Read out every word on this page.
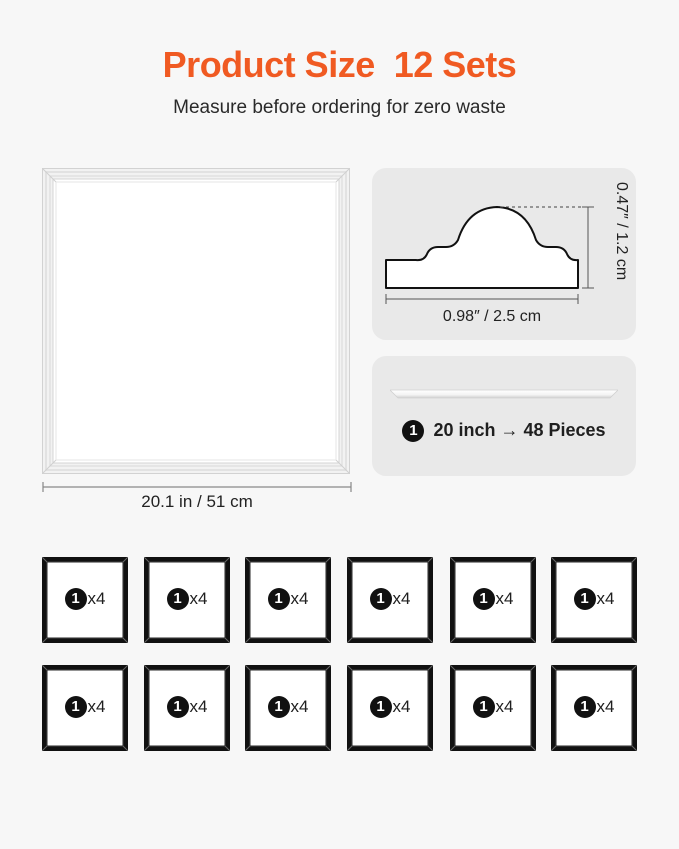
Product Size  12 Sets
Measure before ordering for zero waste
20.1 in / 51 cm
0.98″ / 2.5 cm
0.47″ / 1.2 cm
1 20 inch → 48 Pieces
1 x4	1 x4	1 x4	1 x4	1 x4	1 x4
1 x4	1 x4	1 x4	1 x4	1 x4	1 x4
